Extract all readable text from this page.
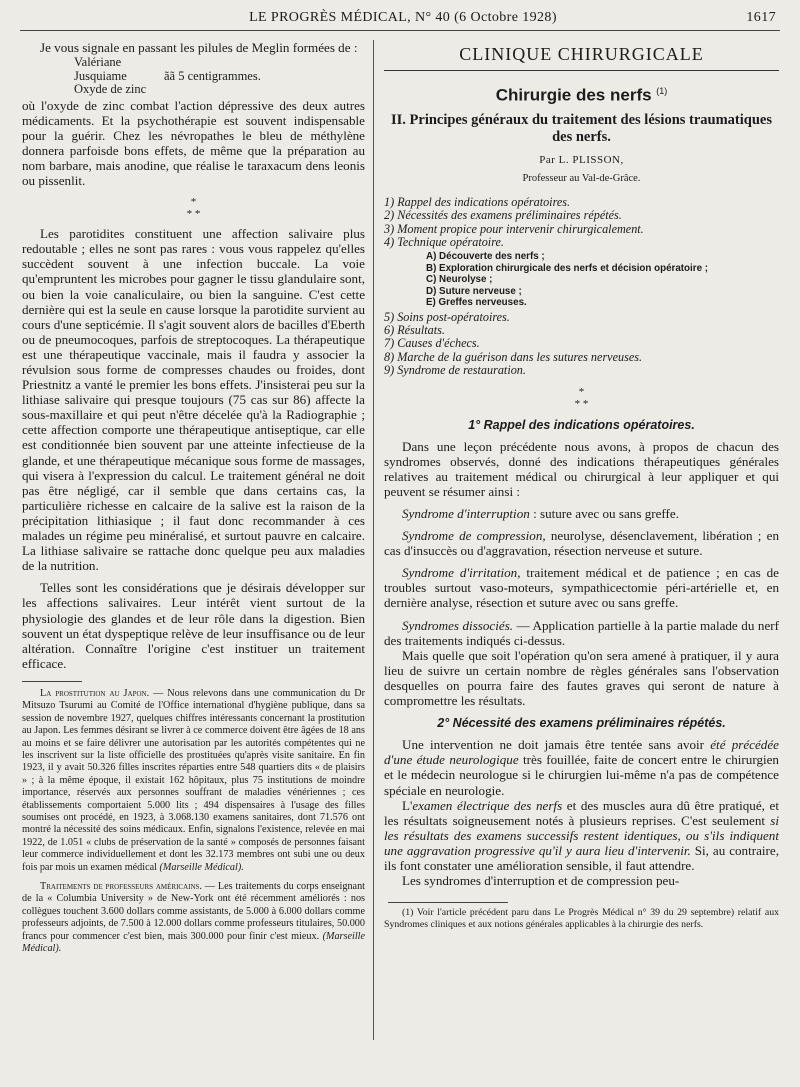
LE PROGRÈS MÉDICAL, N° 40 (6 Octobre 1928)	1617

Je vous signale en passant les pilules de Meglin formées de :

Valériane
Jusquiame	ãã 5 centigrammes.
Oxyde de zinc

où l'oxyde de zinc combat l'action dépressive des deux autres médicaments. Et la psychothérapie est souvent indispensable pour la guérir. Chez les névropathes le bleu de méthylène donnera parfoisde bons effets, de même que la préparation au nom barbare, mais anodine, que réalise le taraxacum dens leonis ou pissenlit.

*
* *

Les parotidites constituent une affection salivaire plus redoutable ; elles ne sont pas rares : vous vous rappelez qu'elles succèdent souvent à une infection buccale. La voie qu'empruntent les microbes pour gagner le tissu glandulaire sont, ou bien la voie canaliculaire, ou bien la sanguine. C'est cette dernière qui est la seule en cause lorsque la parotidite survient au cours d'une septicémie. Il s'agit souvent alors de bacilles d'Eberth ou de pneumocoques, parfois de streptocoques. La thérapeutique est une thérapeutique vaccinale, mais il faudra y associer la révulsion sous forme de compresses chaudes ou froides, dont Priestnitz a vanté le premier les bons effets. J'insisterai peu sur la lithiase salivaire qui presque toujours (75 cas sur 86) affecte la sous-maxillaire et qui peut n'être décelée qu'à la Radiographie ; cette affection comporte une thérapeutique antiseptique, car elle est conditionnée bien souvent par une atteinte infectieuse de la glande, et une thérapeutique mécanique sous forme de massages, qui visera à l'expression du calcul. Le traitement général ne doit pas être négligé, car il semble que dans certains cas, la particulière richesse en calcaire de la salive est la raison de la précipitation lithiasique ; il faut donc recommander à ces malades un régime peu minéralisé, et surtout pauvre en calcaire. La lithiase salivaire se rattache donc quelque peu aux maladies de la nutrition.

Telles sont les considérations que je désirais développer sur les affections salivaires. Leur intérêt vient surtout de la physiologie des glandes et de leur rôle dans la digestion. Bien souvent un état dyspeptique relève de leur insuffisance ou de leur altération. Connaître l'origine c'est instituer un traitement efficace.

La prostitution au Japon. — Nous relevons dans une communication du Dr Mitsuzo Tsurumi au Comité de l'Office international d'hygiène publique, dans sa session de novembre 1927, quelques chiffres intéressants concernant la prostitution au Japon. Les femmes désirant se livrer à ce commerce doivent être âgées de 18 ans au moins et se faire délivrer une autorisation par les autorités compétentes qui ne les inscrivent sur la liste officielle des prostituées qu'après visite sanitaire. En fin 1923, il y avait 50.326 filles inscrites réparties entre 548 quartiers dits « de plaisirs » ; à la même époque, il existait 162 hôpitaux, plus 75 institutions de moindre importance, réservés aux personnes souffrant de maladies vénériennes ; ces établissements comportaient 5.000 lits ; 494 dispensaires à l'usage des filles soumises ont procédé, en 1923, à 3.068.130 examens sanitaires, dont 71.576 ont montré la nécessité des soins médicaux. Enfin, signalons l'existence, relevée en mai 1922, de 1.051 « clubs de préservation de la santé » composés de personnes faisant leur commerce individuellement et dont les 32.173 membres ont subi une ou deux fois par mois un examen médical (Marseille Médical).

Traitements de professeurs américains. — Les traitements du corps enseignant de la « Columbia University » de New-York ont été récemment améliorés : nos collègues touchent 3.600 dollars comme assistants, de 5.000 à 6.000 dollars comme professeurs adjoints, de 7.500 à 12.000 dollars comme professeurs titulaires, 50.000 francs pour commencer c'est bien, mais 300.000 pour finir c'est mieux. (Marseille Médical).

CLINIQUE CHIRURGICALE
Chirurgie des nerfs $^{(1)}$
II. Principes généraux du traitement des lésions traumatiques des nerfs.
Par L. PLISSON,
Professeur au Val-de-Grâce.
1) Rappel des indications opératoires.
2) Nécessités des examens préliminaires répétés.
3) Moment propice pour intervenir chirurgicalement.
4) Technique opératoire.
A) Découverte des nerfs ;
B) Exploration chirurgicale des nerfs et décision opératoire ;
C) Neurolyse ;
D) Suture nerveuse ;
E) Greffes nerveuses.
5) Soins post-opératoires.
6) Résultats.
7) Causes d'échecs.
8) Marche de la guérison dans les sutures nerveuses.
9) Syndrome de restauration.
*
* *
1° Rappel des indications opératoires.

Dans une leçon précédente nous avons, à propos de chacun des syndromes observés, donné des indications thérapeutiques générales relatives au traitement médical ou chirurgical à leur appliquer et qui peuvent se résumer ainsi :

Syndrome d'interruption : suture avec ou sans greffe.

Syndrome de compression, neurolyse, désenclavement, libération ; en cas d'insuccès ou d'aggravation, résection nerveuse et suture.

Syndrome d'irritation, traitement médical et de patience ; en cas de troubles surtout vaso-moteurs, sympathicectomie péri-artérielle et, en dernière analyse, résection et suture avec ou sans greffe.

Syndromes dissociés. — Application partielle à la partie malade du nerf des traitements indiqués ci-dessus.

Mais quelle que soit l'opération qu'on sera amené à pratiquer, il y aura lieu de suivre un certain nombre de règles générales sans l'observation desquelles on pourra faire des fautes graves qui seront de nature à compromettre les résultats.

2° Nécessité des examens préliminaires répétés.

Une intervention ne doit jamais être tentée sans avoir été précédée d'une étude neurologique très fouillée, faite de concert entre le chirurgien et le médecin neurologue si le chirurgien lui-même n'a pas de compétence spéciale en neurologie.

L'examen électrique des nerfs et des muscles aura dû être pratiqué, et les résultats soigneusement notés à plusieurs reprises. C'est seulement si les résultats des examens successifs restent identiques, ou s'ils indiquent une aggravation progressive qu'il y aura lieu d'intervenir. Si, au contraire, ils font constater une amélioration sensible, il faut attendre.

Les syndromes d'interruption et de compression peu-

(1) Voir l'article précédent paru dans Le Progrès Médical n° 39 du 29 septembre) relatif aux Syndromes cliniques et aux notions générales applicables à la chirurgie des nerfs.
